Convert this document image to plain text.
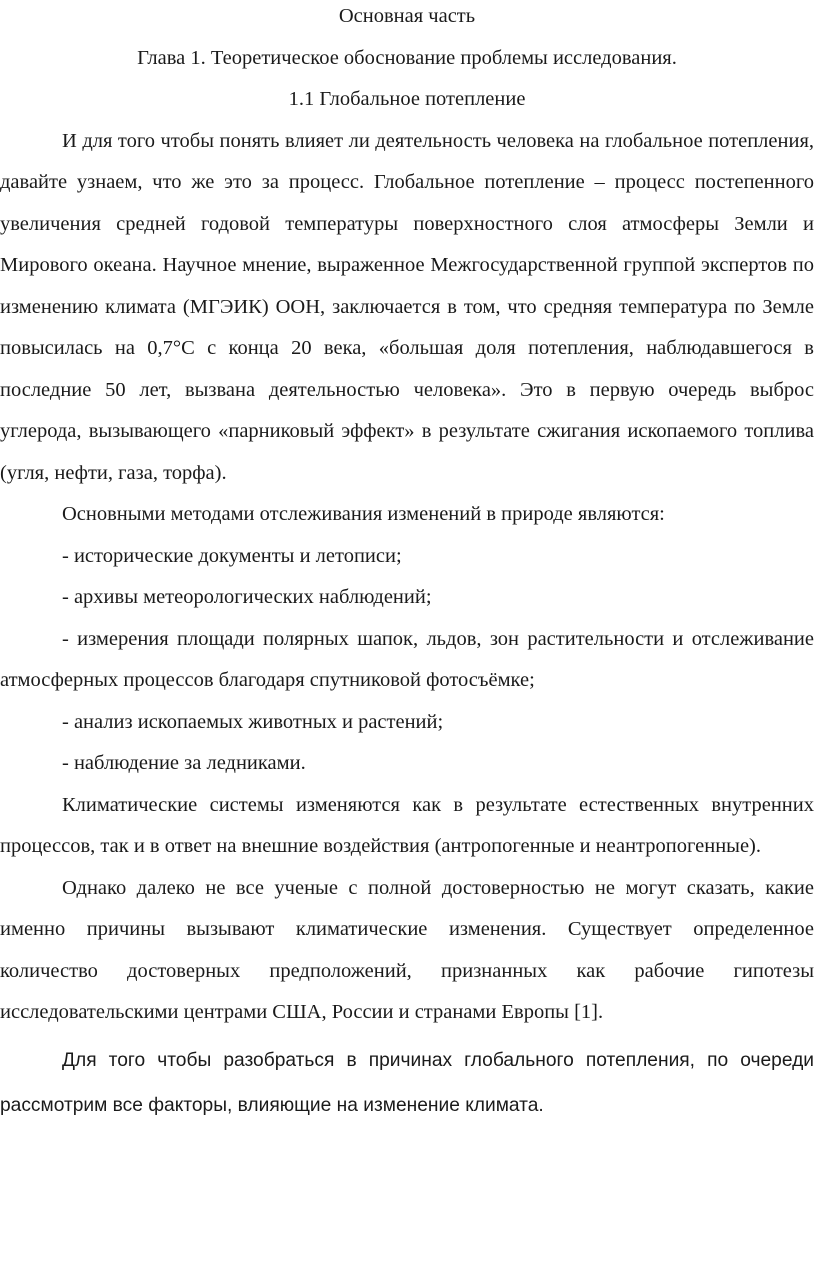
Основная часть

Глава 1. Теоретическое обоснование проблемы исследования.

1.1 Глобальное потепление

И для того чтобы понять влияет ли деятельность человека на глобальное потепления, давайте узнаем, что же это за процесс. Глобальное потепление – процесс постепенного увеличения средней годовой температуры поверхностного слоя атмосферы Земли и Мирового океана. Научное мнение, выраженное Межгосударственной группой экспертов по изменению климата (МГЭИК) ООН, заключается в том, что средняя температура по Земле повысилась на 0,7°C с конца 20 века, «большая доля потепления, наблюдавшегося в последние 50 лет, вызвана деятельностью человека». Это в первую очередь выброс углерода, вызывающего «парниковый эффект» в результате сжигания ископаемого топлива (угля, нефти, газа, торфа).

Основными методами отслеживания изменений в природе являются:

- исторические документы и летописи;

- архивы метеорологических наблюдений;

- измерения площади полярных шапок, льдов, зон растительности и отслеживание атмосферных процессов благодаря спутниковой фотосъёмке;

- анализ ископаемых животных и растений;

- наблюдение за ледниками.

Климатические системы изменяются как в результате естественных внутренних процессов, так и в ответ на внешние воздействия (антропогенные и неантропогенные).

Однако далеко не все ученые с полной достоверностью не могут сказать, какие именно причины вызывают климатические изменения. Существует определенное количество достоверных предположений, признанных как рабочие гипотезы исследовательскими центрами США, России и странами Европы [1].

Для того чтобы разобраться в причинах глобального потепления, по очереди рассмотрим все факторы, влияющие на изменение климата.
